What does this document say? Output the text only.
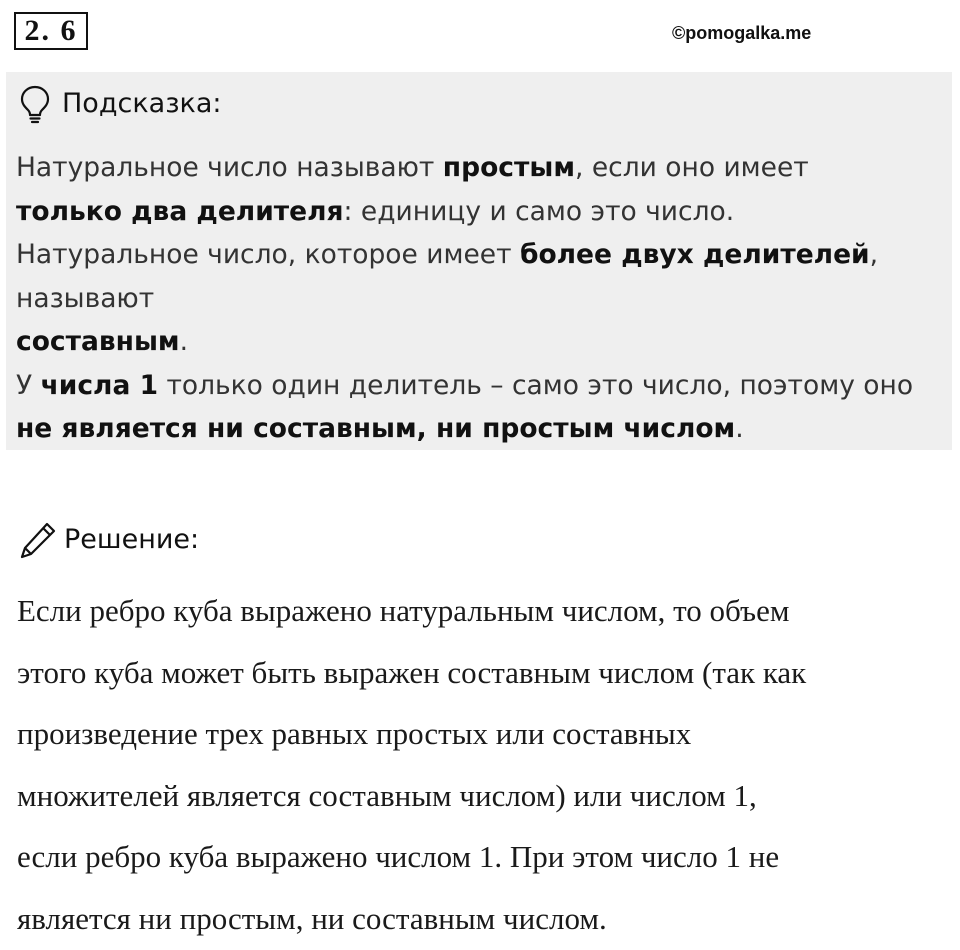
2. 6	©pomogalka.me
Подсказка:

Натуральное число называют простым, если оно имеет
только два делителя: единицу и само это число.
Натуральное число, которое имеет более двух делителей, называют
составным.
У числа 1 только один делитель – само это число, поэтому оно не является ни составным, ни простым числом.

Решение:

Если ребро куба выражено натуральным числом, то объем
этого куба может быть выражен составным числом (так как
произведение трех равных простых или составных
множителей является составным числом) или числом 1,
если ребро куба выражено числом 1. При этом число 1 не
является ни простым, ни составным числом.
